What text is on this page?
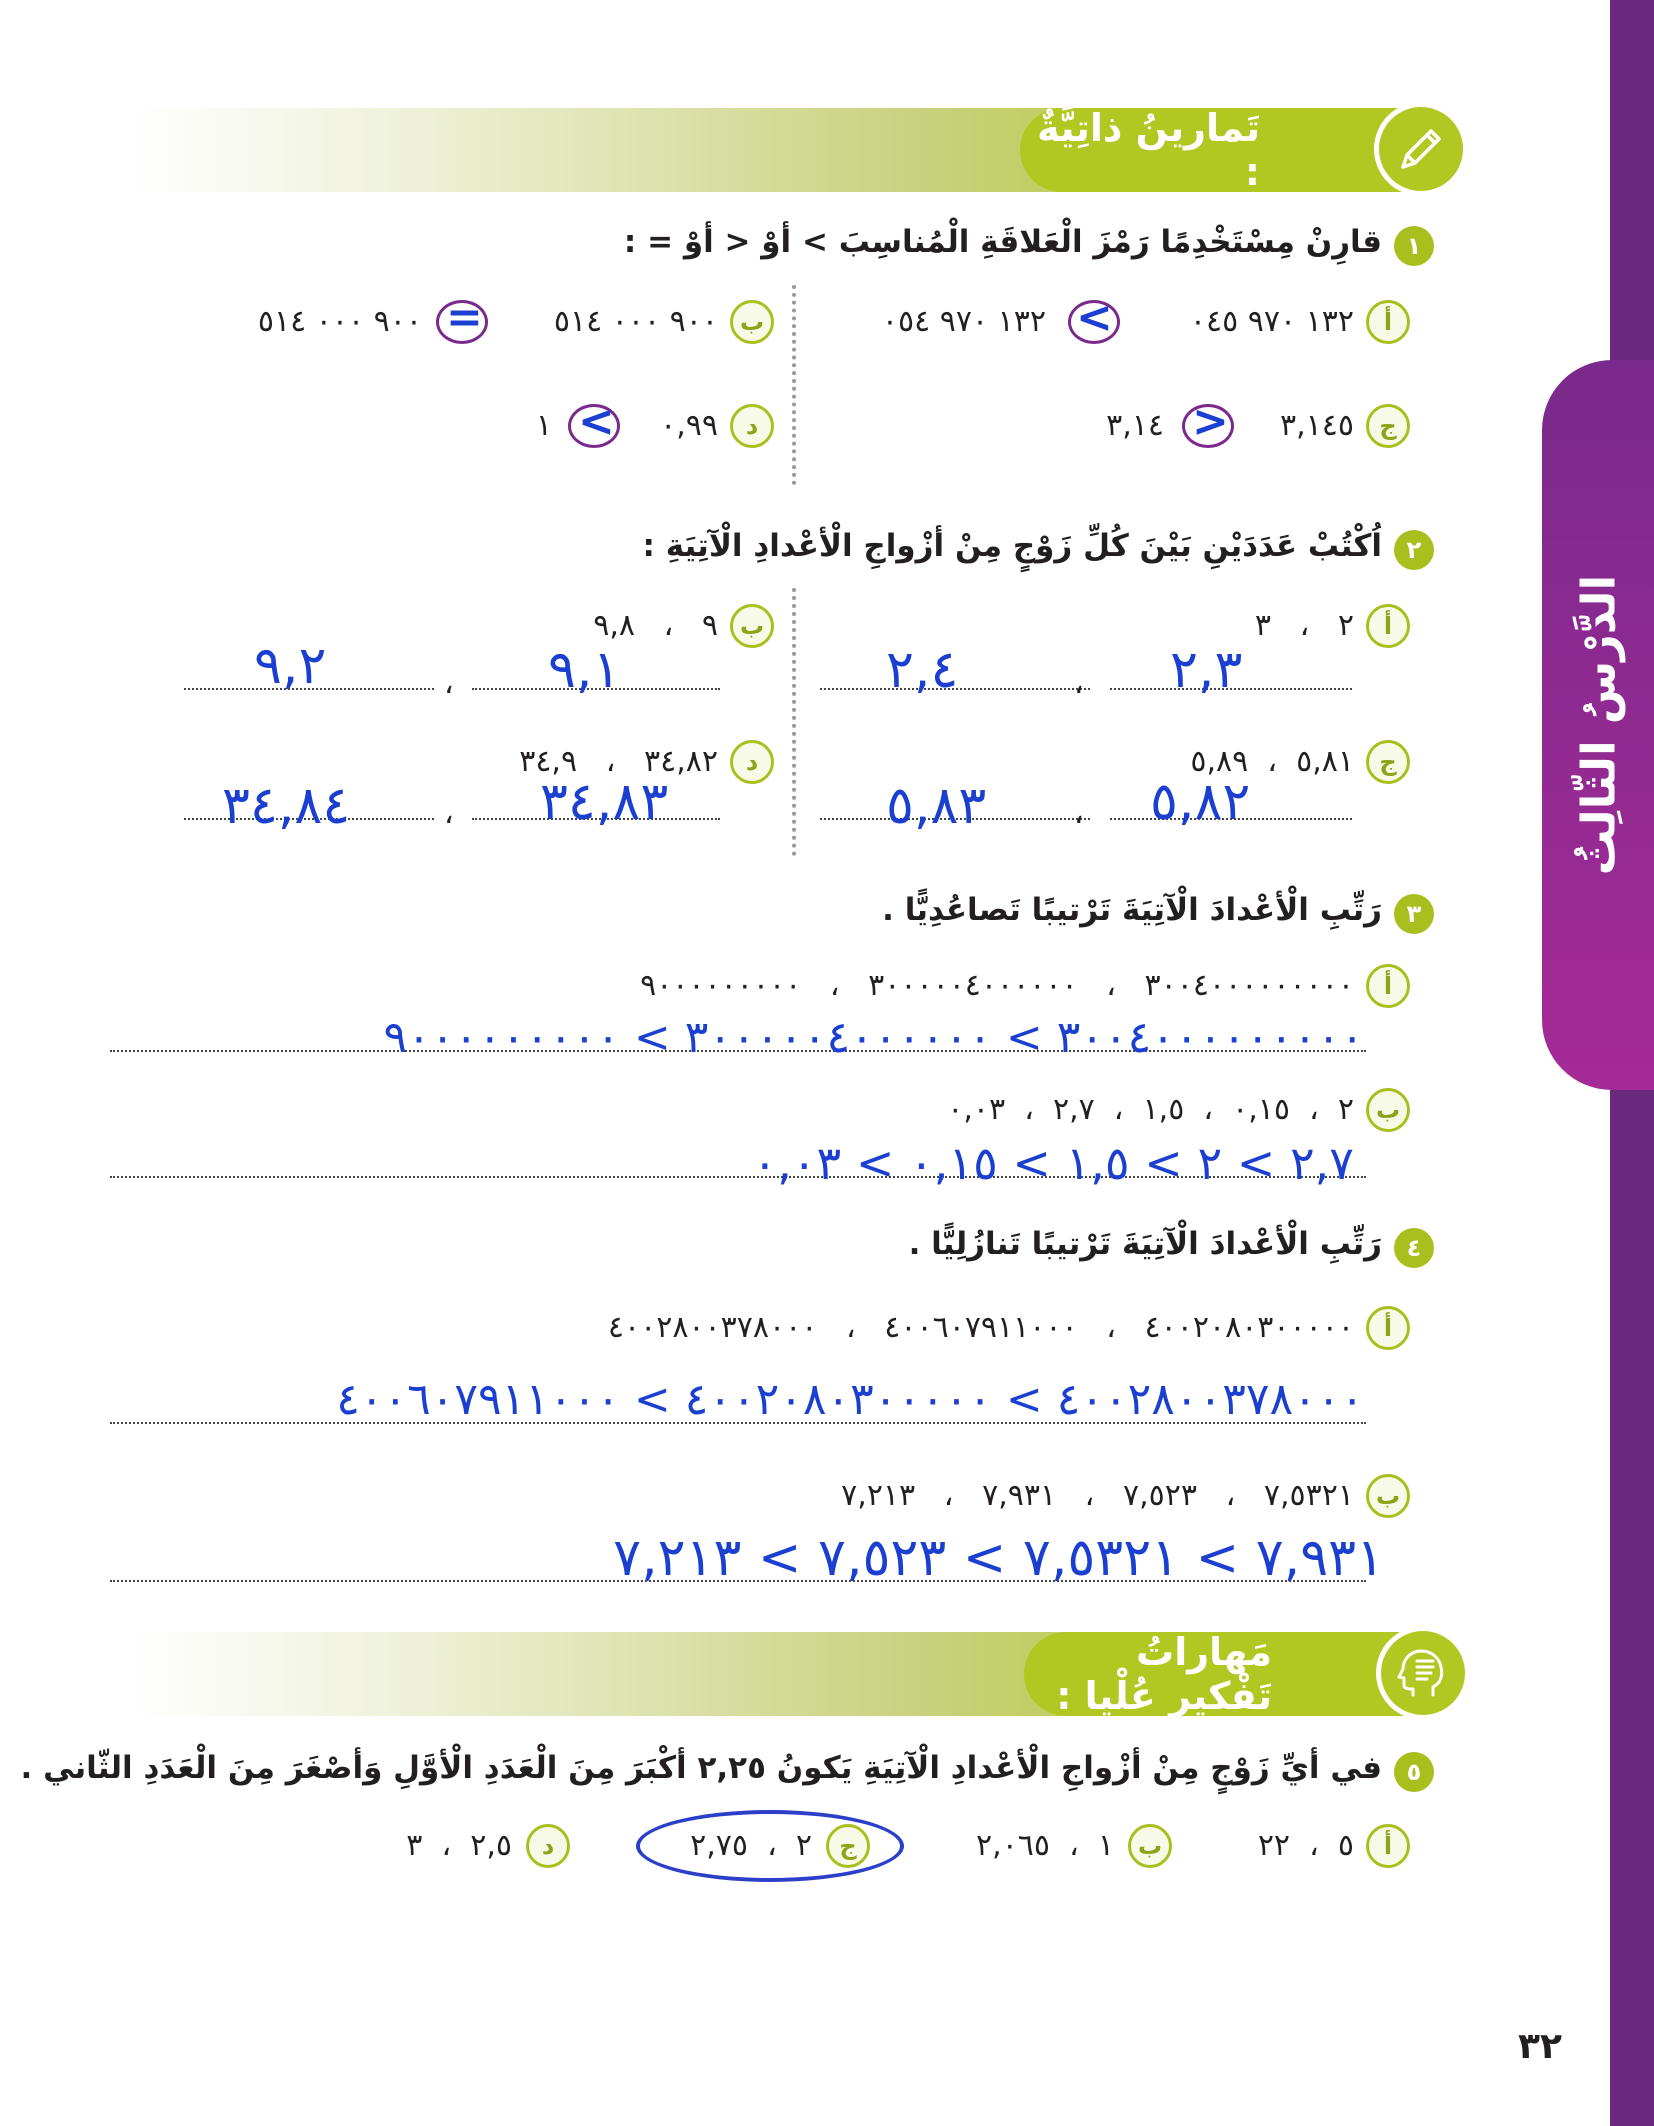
الدَّرْسُ الثّالِثُ
تَمارينُ ذاتِيَّةٌ :
١
قارِنْ مِسْتَخْدِمًا رَمْزَ الْعَلاقَةِ الْمُناسِبَ > أوْ < أوْ = :
أ
١٣٢ ٩٧٠ ٠٤٥
<
١٣٢ ٩٧٠ ٠٥٤
ب
٩٠٠ ٠٠٠ ٥١٤
=
٩٠٠ ٠٠٠ ٥١٤
ج
٣,١٤٥
>
٣,١٤
د
٠,٩٩
<
١
٢
اُكْتُبْ عَدَدَيْنِ بَيْنَ كُلِّ زَوْجٍ مِنْ أزْواجِ الْأعْدادِ الْآتِيَةِ :
أ
٢   ،   ٣
، ٢,٣
٢,٤
ب
٩   ،   ٩,٨
، ٩,١
٩,٢
ج
٥,٨١  ،  ٥,٨٩
، ٥,٨٢
٥,٨٣
د
٣٤,٨٢   ،   ٣٤,٩
، ٣٤,٨٣
٣٤,٨٤
٣
رَتِّبِ الْأعْدادَ الْآتِيَةَ تَرْتيبًا تَصاعُدِيًّا .
أ
٣٠٠٤٠٠٠٠٠٠٠٠٠   ،   ٣٠٠٠٠٠٤٠٠٠٠٠٠   ،   ٩٠٠٠٠٠٠٠٠٠
٣٠٠٤٠٠٠٠٠٠٠٠٠ > ٣٠٠٠٠٠٤٠٠٠٠٠٠ > ٩٠٠٠٠٠٠٠٠٠
ب
٢  ،  ٠,١٥  ،  ١,٥  ،  ٢,٧  ،  ٠,٠٣
٢,٧ > ٢ > ١,٥ > ٠,١٥ > ٠,٠٣
٤
رَتِّبِ الْأعْدادَ الْآتِيَةَ تَرْتيبًا تَنازُلِيًّا .
أ
٤٠٠٢٠٨٠٣٠٠٠٠٠   ،   ٤٠٠٦٠٧٩١١٠٠٠   ،   ٤٠٠٢٨٠٠٣٧٨٠٠٠
٤٠٠٢٨٠٠٣٧٨٠٠٠ > ٤٠٠٢٠٨٠٣٠٠٠٠٠ > ٤٠٠٦٠٧٩١١٠٠٠
ب
٧,٥٣٢١   ،   ٧,٥٢٣   ،   ٧,٩٣١   ،   ٧,٢١٣
٧,٩٣١ > ٧,٥٣٢١ > ٧,٥٢٣ > ٧,٢١٣
مَهاراتُ تَفْكيرٍ عُلْيا :
٥
في أيِّ زَوْجٍ مِنْ أزْواجِ الْأعْدادِ الْآتِيَةِ يَكونُ ٢,٢٥ أكْبَرَ مِنَ الْعَدَدِ الْأوَّلِ وَأصْغَرَ مِنَ الْعَدَدِ الثّاني .
أ
٥  ،  ٢٢
ب
١  ،  ٢,٠٦٥
ج
٢  ،  ٢,٧٥
د
٢,٥  ،  ٣
٣٢
